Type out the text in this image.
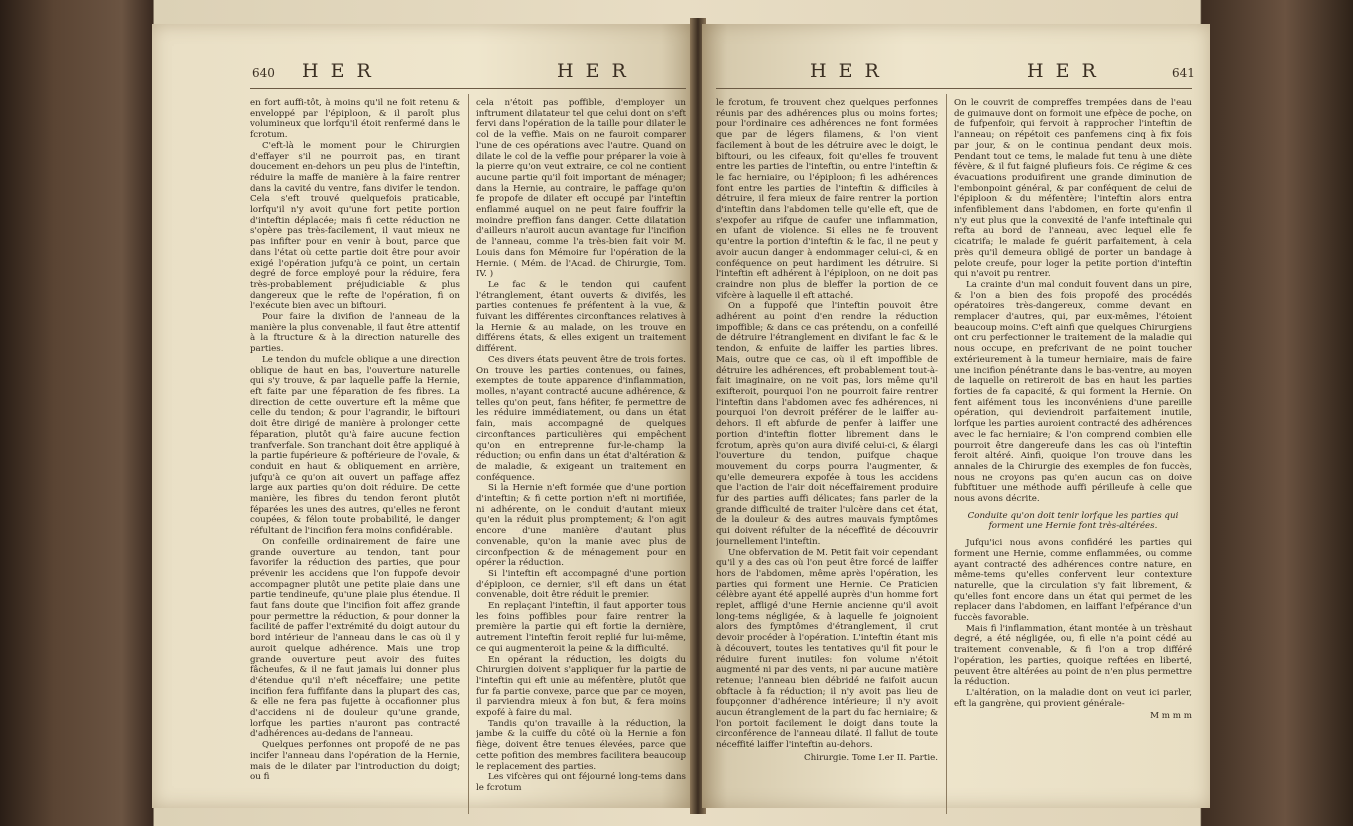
640 H E R	H E R

en fort auffi-tôt, à moins qu'il ne foit retenu & enveloppé par l'épiploon, & il paroît plus volumineux que lorfqu'il étoit renfermé dans le fcrotum.

C'eft-là le moment pour le Chirurgien d'effayer s'il ne pourroit pas, en tirant doucement en-dehors un peu plus de l'inteftin, réduire la maffe de manière à la faire rentrer dans la cavité du ventre, fans divifer le tendon. Cela s'eft trouvé quelquefois praticable, lorfqu'il n'y avoit qu'une fort petite portion d'inteftin déplacée; mais fi cette réduction ne s'opère pas très-facilement, il vaut mieux ne pas infifter pour en venir à bout, parce que dans l'état où cette partie doit être pour avoir exigé l'opération jufqu'à ce point, un certain degré de force employé pour la réduire, fera très-probablement préjudiciable & plus dangereux que le refte de l'opération, fi on l'exécute bien avec un biftouri.

Pour faire la divifion de l'anneau de la manière la plus convenable, il faut être attentif à la ftructure & à la direction naturelle des parties.

Le tendon du mufcle oblique a une direction oblique de haut en bas, l'ouverture naturelle qui s'y trouve, & par laquelle paffe la Hernie, eft faite par une féparation de fes fibres. La direction de cette ouverture eft la même que celle du tendon; & pour l'agrandir, le biftouri doit être dirigé de manière à prolonger cette féparation, plutôt qu'à faire aucune fection tranfverfale. Son tranchant doit être appliqué à la partie fupérieure & poftérieure de l'ovale, & conduit en haut & obliquement en arrière, jufqu'à ce qu'on ait ouvert un paffage affez large aux parties qu'on doit réduire. De cette manière, les fibres du tendon feront plutôt féparées les unes des autres, qu'elles ne feront coupées, & félon toute probabilité, le danger réfultant de l'incifion fera moins confidérable.

On confeille ordinairement de faire une grande ouverture au tendon, tant pour favorifer la réduction des parties, que pour prévenir les accidens que l'on fuppofe devoir accompagner plutôt une petite plaie dans une partie tendineufe, qu'une plaie plus étendue. Il faut fans doute que l'incifion foit affez grande pour permettre la réduction, & pour donner la facilité de paffer l'extrémité du doigt autour du bord intérieur de l'anneau dans le cas où il y auroit quelque adhérence. Mais une trop grande ouverture peut avoir des fuites fâcheufes, & il ne faut jamais lui donner plus d'étendue qu'il n'eft néceffaire; une petite incifion fera fuffifante dans la plupart des cas, & elle ne fera pas fujette à occafionner plus d'accidens ni de douleur qu'une grande, lorfque les parties n'auront pas contracté d'adhérences au-dedans de l'anneau.

Quelques perfonnes ont propofé de ne pas incifer l'anneau dans l'opération de la Hernie, mais de le dilater par l'introduction du doigt; ou fi

cela n'étoit pas poffible, d'employer un inftrument dilatateur tel que celui dont on s'eft fervi dans l'opération de la taille pour dilater le col de la veffie. Mais on ne fauroit comparer l'une de ces opérations avec l'autre. Quand on dilate le col de la veffie pour préparer la voie à la pierre qu'on veut extraire, ce col ne contient aucune partie qu'il foit important de ménager; dans la Hernie, au contraire, le paffage qu'on fe propofe de dilater eft occupé par l'inteftin enflammé auquel on ne peut faire fouffrir la moindre preffion fans danger. Cette dilatation d'ailleurs n'auroit aucun avantage fur l'incifion de l'anneau, comme l'a très-bien fait voir M. Louis dans fon Mémoire fur l'opération de la Hernie. ( Mém. de l'Acad. de Chirurgie, Tom. IV. )

Le fac & le tendon qui caufent l'étranglement, étant ouverts & divifés, les parties contenues fe préfentent à la vue, & fuivant les différentes circonftances relatives à la Hernie & au malade, on les trouve en différens états, & elles exigent un traitement différent.

Ces divers états peuvent être de trois fortes. On trouve les parties contenues, ou faines, exemptes de toute apparence d'inflammation, molles, n'ayant contracté aucune adhérence, & telles qu'on peut, fans héfiter, fe permettre de les réduire immédiatement, ou dans un état fain, mais accompagné de quelques circonftances particulières qui empêchent qu'on en entreprenne fur-le-champ la réduction; ou enfin dans un état d'altération & de maladie, & exigeant un traitement en conféquence.

Si la Hernie n'eft formée que d'une portion d'inteftin; & fi cette portion n'eft ni mortifiée, ni adhérente, on le conduit d'autant mieux qu'en la réduit plus promptement; & l'on agit encore d'une manière d'autant plus convenable, qu'on la manie avec plus de circonfpection & de ménagement pour en opérer la réduction.

Si l'inteftin eft accompagné d'une portion d'épiploon, ce dernier, s'il eft dans un état convenable, doit être réduit le premier.

En replaçant l'inteftin, il faut apporter tous les foins poffibles pour faire rentrer la première la partie qui eft fortie la dernière, autrement l'inteftin feroit replié fur lui-même, ce qui augmenteroit la peine & la difficulté.

En opérant la réduction, les doigts du Chirurgien doivent s'appliquer fur la partie de l'inteftin qui eft unie au méfentère, plutôt que fur fa partie convexe, parce que par ce moyen, il parviendra mieux à fon but, & fera moins expofé à faire du mal.

Tandis qu'on travaille à la réduction, la jambe & la cuiffe du côté où la Hernie a fon fiège, doivent être tenues élevées, parce que cette pofition des membres facilitera beaucoup le replacement des parties.

Les vifcères qui ont féjourné long-tems dans le fcrotum

H E R	H E R	641

le fcrotum, fe trouvent chez quelques perfonnes réunis par des adhérences plus ou moins fortes; pour l'ordinaire ces adhérences ne font formées que par de légers filamens, & l'on vient facilement à bout de les détruire avec le doigt, le biftouri, ou les cifeaux, foit qu'elles fe trouvent entre les parties de l'inteftin, ou entre l'inteftin & le fac herniaire, ou l'épiploon; fi les adhérences font entre les parties de l'inteftin & difficiles à détruire, il fera mieux de faire rentrer la portion d'inteftin dans l'abdomen telle qu'elle eft, que de s'expofer au rifque de caufer une inflammation, en ufant de violence. Si elles ne fe trouvent qu'entre la portion d'inteftin & le fac, il ne peut y avoir aucun danger à endommager celui-ci, & en conféquence on peut hardiment les détruire. Si l'inteftin eft adhérent à l'épiploon, on ne doit pas craindre non plus de bleffer la portion de ce vifcère à laquelle il eft attaché.

On a fuppofé que l'inteftin pouvoit être adhérent au point d'en rendre la réduction impoffible; & dans ce cas prétendu, on a confeillé de détruire l'étranglement en divifant le fac & le tendon, & enfuite de laiffer les parties libres. Mais, outre que ce cas, où il eft impoffible de détruire les adhérences, eft probablement tout-à-fait imaginaire, on ne voit pas, lors même qu'il exifteroit, pourquoi l'on ne pourroit faire rentrer l'inteftin dans l'abdomen avec fes adhérences, ni pourquoi l'on devroit préférer de le laiffer au-dehors. Il eft abfurde de penfer à laiffer une portion d'inteftin flotter librement dans le fcrotum, après qu'on aura divifé celui-ci, & élargi l'ouverture du tendon, puifque chaque mouvement du corps pourra l'augmenter, & qu'elle demeurera expofée à tous les accidens que l'action de l'air doit néceffairement produire fur des parties auffi délicates; fans parler de la grande difficulté de traiter l'ulcère dans cet état, de la douleur & des autres mauvais fymptômes qui doivent réfulter de la néceffité de découvrir journellement l'inteftin.

Une obfervation de M. Petit fait voir cependant qu'il y a des cas où l'on peut être forcé de laiffer hors de l'abdomen, même après l'opération, les parties qui forment une Hernie. Ce Praticien célèbre ayant été appellé auprès d'un homme fort replet, affligé d'une Hernie ancienne qu'il avoit long-tems négligée, & à laquelle fe joignoient alors des fymptômes d'étranglement, il crut devoir procéder à l'opération. L'inteftin étant mis à découvert, toutes les tentatives qu'il fit pour le réduire furent inutiles: fon volume n'étoit augmenté ni par des vents, ni par aucune matière retenue; l'anneau bien débridé ne faifoit aucun obftacle à fa réduction; il n'y avoit pas lieu de foupçonner d'adhérence intérieure; il n'y avoit aucun étranglement de la part du fac herniaire; & l'on portoit facilement le doigt dans toute la circonférence de l'anneau dilaté. Il fallut de toute néceffité laiffer l'inteftin au-dehors.

Chirurgie. Tome I.er II. Partie.

On le couvrit de compreffes trempées dans de l'eau de guimauve dont on formoit une efpèce de poche, on de fufpenfoir, qui fervoit à rapprocher l'inteftin de l'anneau; on répétoit ces panfemens cinq à fix fois par jour, & on le continua pendant deux mois. Pendant tout ce tems, le malade fut tenu à une diète févère, & il fut faigné plufieurs fois. Ce régime & ces évacuations produifirent une grande diminution de l'embonpoint général, & par conféquent de celui de l'épiploon & du méfentère; l'inteftin alors entra infenfiblement dans l'abdomen, en forte qu'enfin il n'y eut plus que la convexité de l'anfe inteftinale qui refta au bord de l'anneau, avec lequel elle fe cicatrifa; le malade fe guérit parfaitement, à cela près qu'il demeura obligé de porter un bandage à pelote creufe, pour loger la petite portion d'inteftin qui n'avoit pu rentrer.

La crainte d'un mal conduit fouvent dans un pire, & l'on a bien des fois propofé des procédés opératoires très-dangereux, comme devant en remplacer d'autres, qui, par eux-mêmes, l'étoient beaucoup moins. C'eft ainfi que quelques Chirurgiens ont cru perfectionner le traitement de la maladie qui nous occupe, en prefcrivant de ne point toucher extérieurement à la tumeur herniaire, mais de faire une incifion pénétrante dans le bas-ventre, au moyen de laquelle on retireroit de bas en haut les parties forties de fa capacité, & qui forment la Hernie. On fent aifément tous les inconvéniens d'une pareille opération, qui deviendroit parfaitement inutile, lorfque les parties auroient contracté des adhérences avec le fac herniaire; & l'on comprend combien elle pourroit être dangereufe dans les cas où l'inteftin feroit altéré. Ainfi, quoique l'on trouve dans les annales de la Chirurgie des exemples de fon fuccès, nous ne croyons pas qu'en aucun cas on doive fubftituer une méthode auffi périlleufe à celle que nous avons décrite.

Conduite qu'on doit tenir lorfque les parties qui forment une Hernie font très-altérées.

Jufqu'ici nous avons confidéré les parties qui forment une Hernie, comme enflammées, ou comme ayant contracté des adhérences contre nature, en même-tems qu'elles confervent leur contexture naturelle, que la circulation s'y fait librement, & qu'elles font encore dans un état qui permet de les replacer dans l'abdomen, en laiffant l'efpérance d'un fuccès favorable.

Mais fi l'inflammation, étant montée à un trèshaut degré, a été négligée, ou, fi elle n'a point cédé au traitement convenable, & fi l'on a trop différé l'opération, les parties, quoique reftées en liberté, peuvent être altérées au point de n'en plus permettre la réduction.

L'altération, on la maladie dont on veut ici parler, eft la gangrène, qui provient générale-

M m m m
